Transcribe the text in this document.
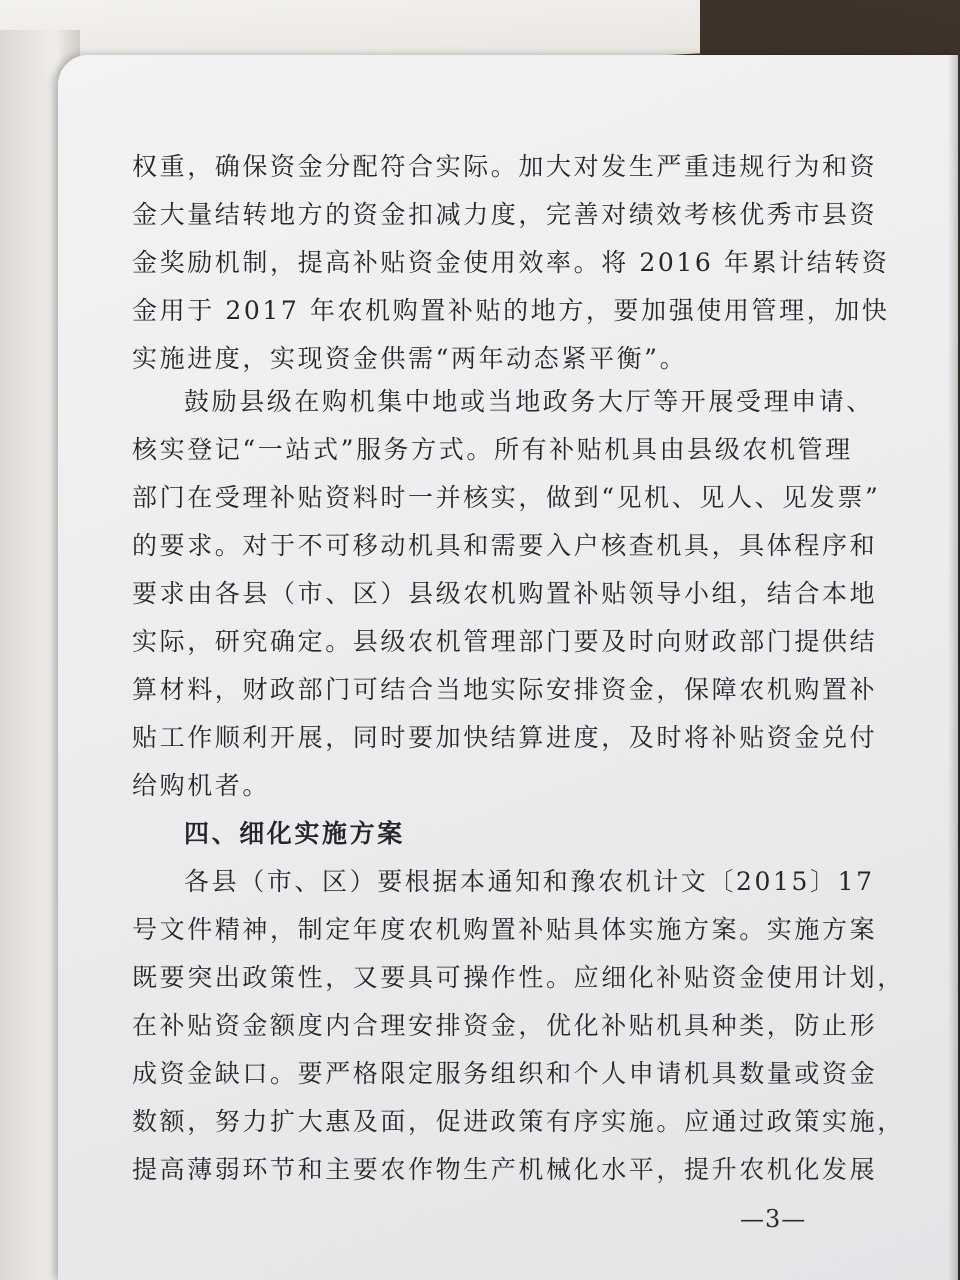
权重，确保资金分配符合实际。加大对发生严重违规行为和资

金大量结转地方的资金扣减力度，完善对绩效考核优秀市县资

金奖励机制，提高补贴资金使用效率。将 2016 年累计结转资

金用于 2017 年农机购置补贴的地方，要加强使用管理，加快

实施进度，实现资金供需“两年动态紧平衡”。

鼓励县级在购机集中地或当地政务大厅等开展受理申请、

核实登记“一站式”服务方式。所有补贴机具由县级农机管理

部门在受理补贴资料时一并核实，做到“见机、见人、见发票”

的要求。对于不可移动机具和需要入户核查机具，具体程序和

要求由各县（市、区）县级农机购置补贴领导小组，结合本地

实际，研究确定。县级农机管理部门要及时向财政部门提供结

算材料，财政部门可结合当地实际安排资金，保障农机购置补

贴工作顺利开展，同时要加快结算进度，及时将补贴资金兑付

给购机者。

四、细化实施方案

各县（市、区）要根据本通知和豫农机计文〔2015〕17

号文件精神，制定年度农机购置补贴具体实施方案。实施方案

既要突出政策性，又要具可操作性。应细化补贴资金使用计划，

在补贴资金额度内合理安排资金，优化补贴机具种类，防止形

成资金缺口。要严格限定服务组织和个人申请机具数量或资金

数额，努力扩大惠及面，促进政策有序实施。应通过政策实施，

提高薄弱环节和主要农作物生产机械化水平，提升农机化发展

—3—
